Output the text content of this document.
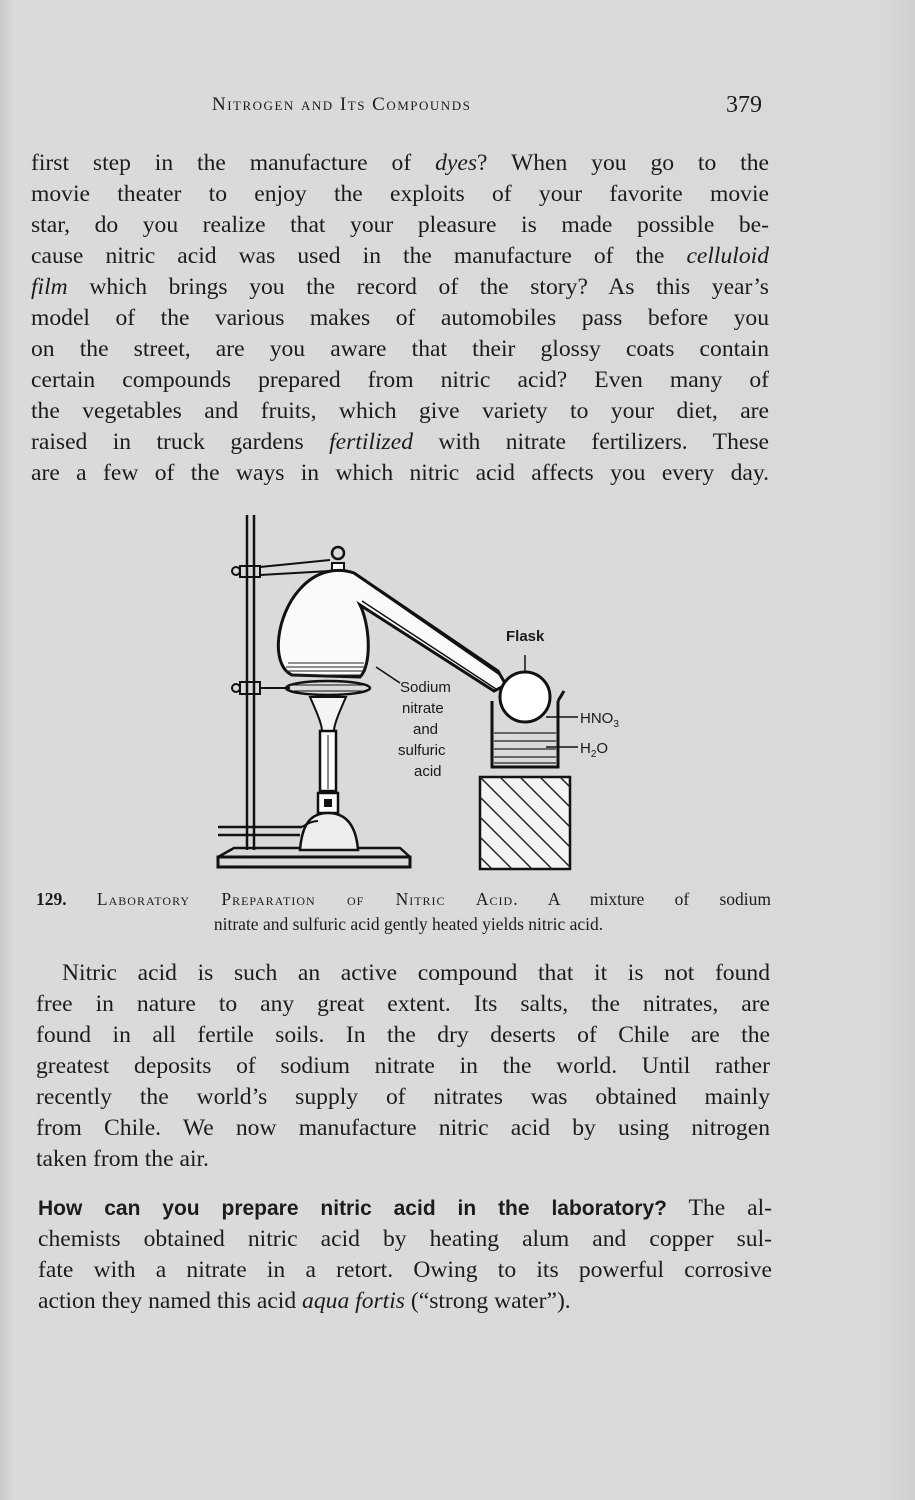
Nitrogen and Its Compounds	379
first step in the manufacture of dyes? When you go to the
movie theater to enjoy the exploits of your favorite movie
star, do you realize that your pleasure is made possible be-
cause nitric acid was used in the manufacture of the celluloid
film which brings you the record of the story? As this year’s
model of the various makes of automobiles pass before you
on the street, are you aware that their glossy coats contain
certain compounds prepared from nitric acid? Even many of
the vegetables and fruits, which give variety to your diet, are
raised in truck gardens fertilized with nitrate fertilizers. These
are a few of the ways in which nitric acid affects you every day.
Flask
Sodium
nitrate
and
sulfuric
acid
$HNO_3$
$H_2O$
129. Laboratory Preparation of Nitric Acid. A mixture of sodium
nitrate and sulfuric acid gently heated yields nitric acid.
Nitric acid is such an active compound that it is not found
free in nature to any great extent. Its salts, the nitrates, are
found in all fertile soils. In the dry deserts of Chile are the
greatest deposits of sodium nitrate in the world. Until rather
recently the world’s supply of nitrates was obtained mainly
from Chile. We now manufacture nitric acid by using nitrogen
taken from the air.
How can you prepare nitric acid in the laboratory? The al-
chemists obtained nitric acid by heating alum and copper sul-
fate with a nitrate in a retort. Owing to its powerful corrosive
action they named this acid aqua fortis (“strong water”).
